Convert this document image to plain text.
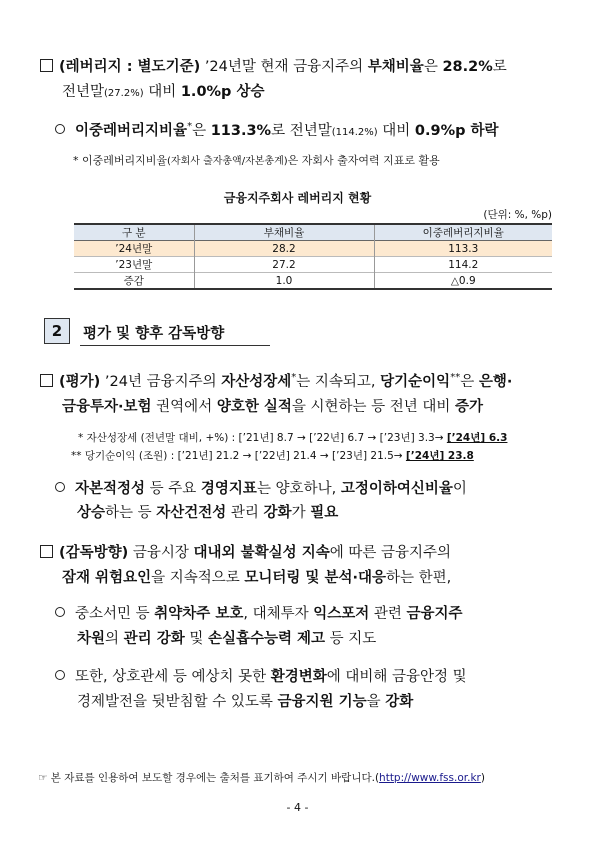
(레버리지 : 별도기준) ’24년말 현재 금융지주의 부채비율은 28.2%로
전년말(27.2%) 대비 1.0%p 상승
이중레버리지비율*은 113.3%로 전년말(114.2%) 대비 0.9%p 하락
* 이중레버리지비율(자회사 출자총액/자본총계)은 자회사 출자여력 지표로 활용
금융지주회사 레버리지 현황
(단위: %, %p)
구 분	부채비율	이중레버리지비율
’24년말	28.2	113.3
’23년말	27.2	114.2
증감	1.0	△0.9
2	평가 및 향후 감독방향
(평가) ’24년 금융지주의 자산성장세*는 지속되고, 당기순이익**은 은행·
금융투자·보험 권역에서 양호한 실적을 시현하는 등 전년 대비 증가
* 자산성장세 (전년말 대비, +%) : [’21년] 8.7 → [’22년] 6.7 → [’23년] 3.3→ [’24년] 6.3
** 당기순이익 (조원) : [’21년] 21.2 → [’22년] 21.4 → [’23년] 21.5→ [’24년] 23.8
자본적정성 등 주요 경영지표는 양호하나, 고정이하여신비율이
상승하는 등 자산건전성 관리 강화가 필요
(감독방향) 금융시장 대내외 불확실성 지속에 따른 금융지주의
잠재 위험요인을 지속적으로 모니터링 및 분석·대응하는 한편,
중소서민 등 취약차주 보호, 대체투자 익스포저 관련 금융지주
차원의 관리 강화 및 손실흡수능력 제고 등 지도
또한, 상호관세 등 예상치 못한 환경변화에 대비해 금융안정 및
경제발전을 뒷받침할 수 있도록 금융지원 기능을 강화
☞ 본 자료를 인용하여 보도할 경우에는 출처를 표기하여 주시기 바랍니다.(http://www.fss.or.kr)
- 4 -
